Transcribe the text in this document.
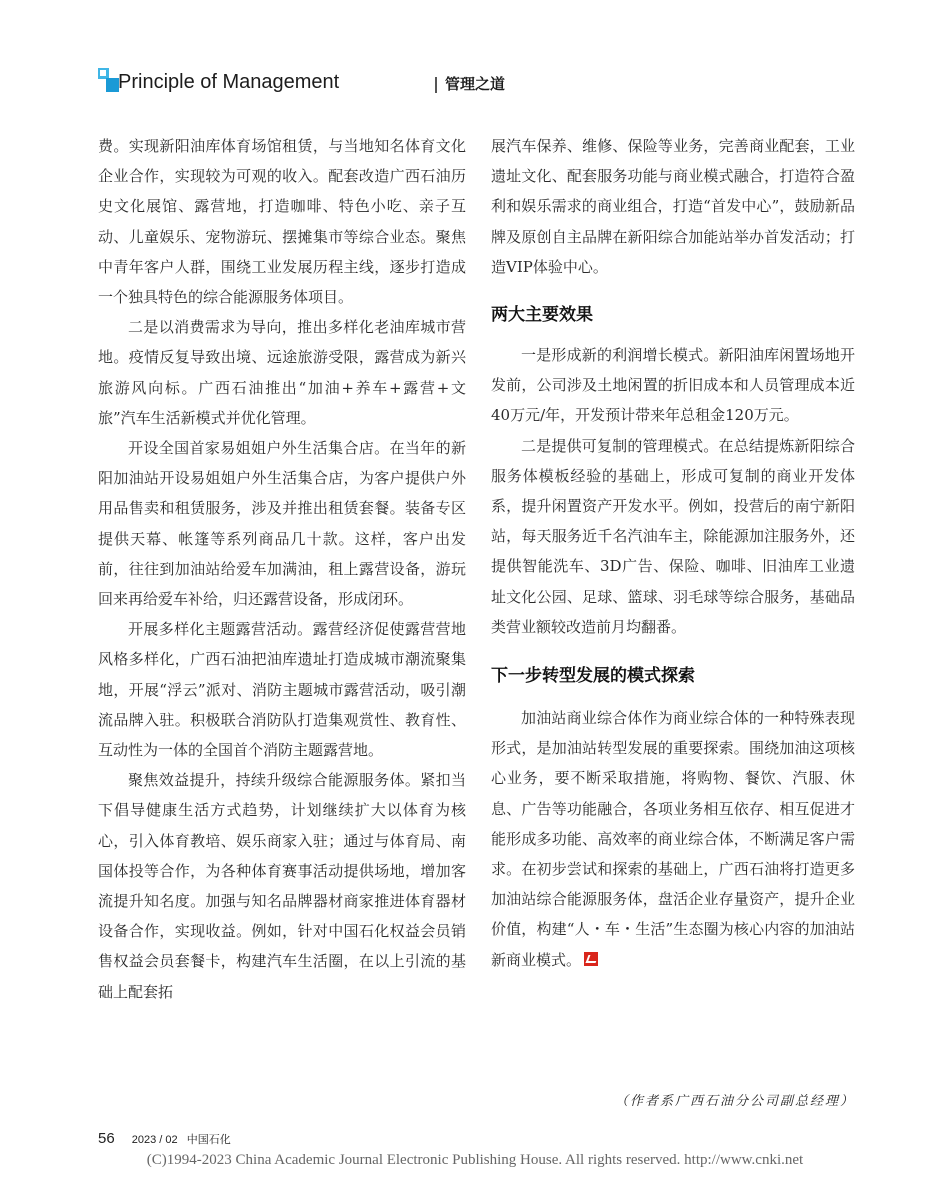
Principle of Management	管理之道

费。实现新阳油库体育场馆租赁，与当地知名体育文化企业合作，实现较为可观的收入。配套改造广西石油历史文化展馆、露营地，打造咖啡、特色小吃、亲子互动、儿童娱乐、宠物游玩、摆摊集市等综合业态。聚焦中青年客户人群，围绕工业发展历程主线，逐步打造成一个独具特色的综合能源服务体项目。

二是以消费需求为导向，推出多样化老油库城市营地。疫情反复导致出境、远途旅游受限，露营成为新兴旅游风向标。广西石油推出“加油+养车+露营+文旅”汽车生活新模式并优化管理。

开设全国首家易姐姐户外生活集合店。在当年的新阳加油站开设易姐姐户外生活集合店，为客户提供户外用品售卖和租赁服务，涉及并推出租赁套餐。装备专区提供天幕、帐篷等系列商品几十款。这样，客户出发前，往往到加油站给爱车加满油，租上露营设备，游玩回来再给爱车补给，归还露营设备，形成闭环。

开展多样化主题露营活动。露营经济促使露营营地风格多样化，广西石油把油库遗址打造成城市潮流聚集地，开展“浮云”派对、消防主题城市露营活动，吸引潮流品牌入驻。积极联合消防队打造集观赏性、教育性、互动性为一体的全国首个消防主题露营地。

聚焦效益提升，持续升级综合能源服务体。紧扣当下倡导健康生活方式趋势，计划继续扩大以体育为核心，引入体育教培、娱乐商家入驻；通过与体育局、南国体投等合作，为各种体育赛事活动提供场地，增加客流提升知名度。加强与知名品牌器材商家推进体育器材设备合作，实现收益。例如，针对中国石化权益会员销售权益会员套餐卡，构建汽车生活圈，在以上引流的基础上配套拓

展汽车保养、维修、保险等业务，完善商业配套，工业遗址文化、配套服务功能与商业模式融合，打造符合盈利和娱乐需求的商业组合，打造“首发中心”，鼓励新品牌及原创自主品牌在新阳综合加能站举办首发活动；打造VIP体验中心。

两大主要效果

一是形成新的利润增长模式。新阳油库闲置场地开发前，公司涉及土地闲置的折旧成本和人员管理成本近40万元/年，开发预计带来年总租金120万元。

二是提供可复制的管理模式。在总结提炼新阳综合服务体模板经验的基础上，形成可复制的商业开发体系，提升闲置资产开发水平。例如，投营后的南宁新阳站，每天服务近千名汽油车主，除能源加注服务外，还提供智能洗车、3D广告、保险、咖啡、旧油库工业遗址文化公园、足球、篮球、羽毛球等综合服务，基础品类营业额较改造前月均翻番。

下一步转型发展的模式探索

加油站商业综合体作为商业综合体的一种特殊表现形式，是加油站转型发展的重要探索。围绕加油这项核心业务，要不断采取措施，将购物、餐饮、汽服、休息、广告等功能融合，各项业务相互依存、相互促进才能形成多功能、高效率的商业综合体，不断满足客户需求。在初步尝试和探索的基础上，广西石油将打造更多加油站综合能源服务体，盘活企业存量资产，提升企业价值，构建“人・车・生活”生态圈为核心内容的加油站新商业模式。

（作者系广西石油分公司副总经理）
56 2023 / 02 中国石化
(C)1994-2023 China Academic Journal Electronic Publishing House. All rights reserved. http://www.cnki.net
